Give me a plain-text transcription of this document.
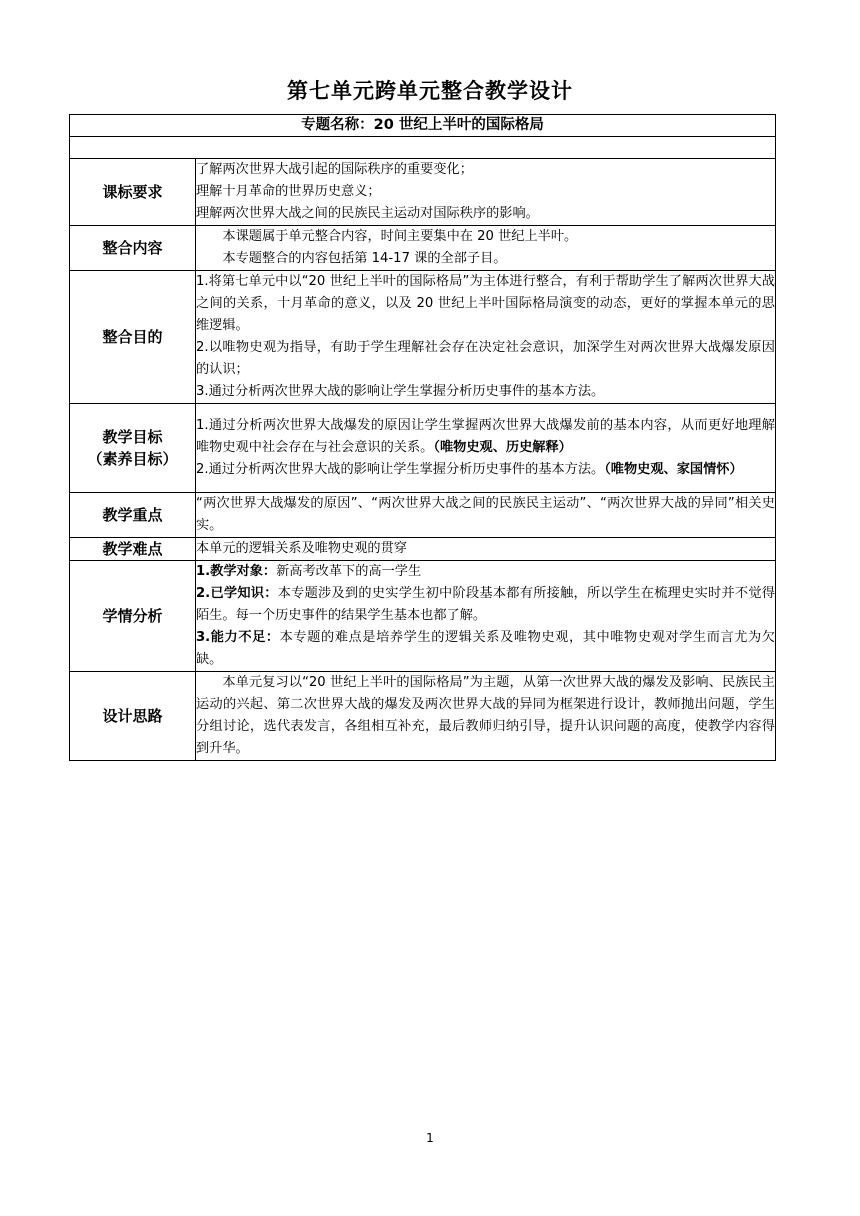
第七单元跨单元整合教学设计
专题名称：20 世纪上半叶的国际格局	

课标要求	了解两次世界大战引起的国际秩序的重要变化；
理解十月革命的世界历史意义；
理解两次世界大战之间的民族民主运动对国际秩序的影响。

整合内容	本课题属于单元整合内容，时间主要集中在 20 世纪上半叶。
本专题整合的内容包括第 14-17 课的全部子目。

整合目的	1.将第七单元中以“20 世纪上半叶的国际格局”为主体进行整合，有利于帮助学生了解两次世界大战之间的关系，十月革命的意义，以及 20 世纪上半叶国际格局演变的动态，更好的掌握本单元的思维逻辑。
2.以唯物史观为指导，有助于学生理解社会存在决定社会意识，加深学生对两次世界大战爆发原因的认识；
3.通过分析两次世界大战的影响让学生掌握分析历史事件的基本方法。

教学目标
（素养目标）	1.通过分析两次世界大战爆发的原因让学生掌握两次世界大战爆发前的基本内容，从而更好地理解唯物史观中社会存在与社会意识的关系。（唯物史观、历史解释）
2.通过分析两次世界大战的影响让学生掌握分析历史事件的基本方法。（唯物史观、家国情怀）

教学重点	“两次世界大战爆发的原因”、“两次世界大战之间的民族民主运动”、“两次世界大战的异同”相关史实。
教学难点	本单元的逻辑关系及唯物史观的贯穿
学情分析	1.教学对象：新高考改革下的高一学生
2.已学知识：本专题涉及到的史实学生初中阶段基本都有所接触，所以学生在梳理史实时并不觉得陌生。每一个历史事件的结果学生基本也都了解。
3.能力不足：本专题的难点是培养学生的逻辑关系及唯物史观，其中唯物史观对学生而言尤为欠缺。

设计思路	本单元复习以“20 世纪上半叶的国际格局”为主题，从第一次世界大战的爆发及影响、民族民主运动的兴起、第二次世界大战的爆发及两次世界大战的异同为框架进行设计，教师抛出问题，学生分组讨论，选代表发言，各组相互补充，最后教师归纳引导，提升认识问题的高度，使教学内容得到升华。
1
